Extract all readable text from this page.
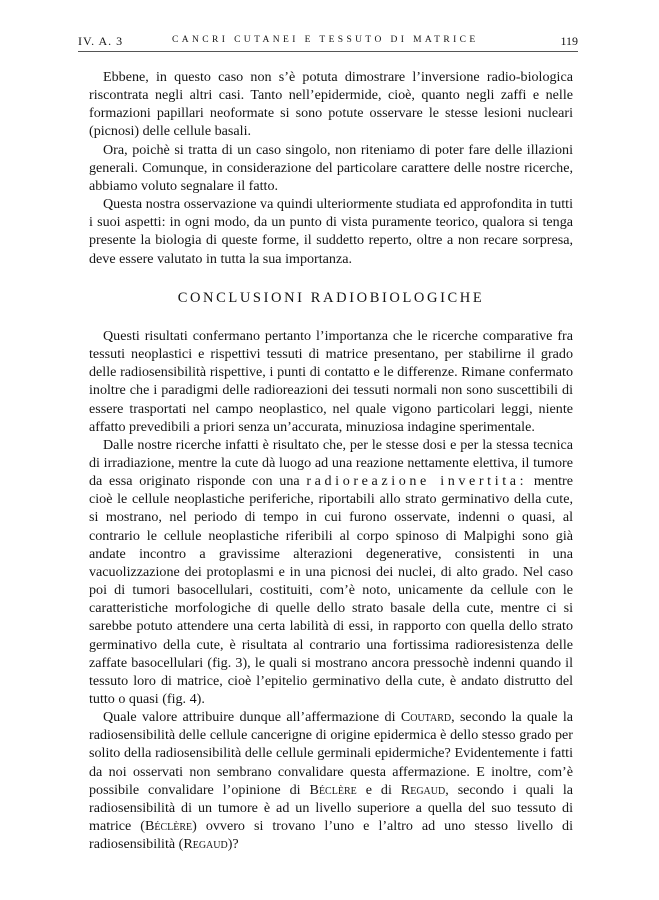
IV. A. 3	CANCRI CUTANEI E TESSUTO DI MATRICE	119

Ebbene, in questo caso non s’è potuta dimostrare l’inversione radio-biologica riscontrata negli altri casi. Tanto nell’epidermide, cioè, quanto negli zaffi e nelle formazioni papillari neoformate si sono potute osservare le stesse lesioni nucleari (picnosi) delle cellule basali.

Ora, poichè si tratta di un caso singolo, non riteniamo di poter fare delle illazioni generali. Comunque, in considerazione del particolare carattere delle nostre ricerche, abbiamo voluto segnalare il fatto.

Questa nostra osservazione va quindi ulteriormente studiata ed approfondita in tutti i suoi aspetti: in ogni modo, da un punto di vista puramente teorico, qualora si tenga presente la biologia di queste forme, il suddetto reperto, oltre a non recare sorpresa, deve essere valutato in tutta la sua importanza.

CONCLUSIONI RADIOBIOLOGICHE

Questi risultati confermano pertanto l’importanza che le ricerche comparative fra tessuti neoplastici e rispettivi tessuti di matrice presentano, per stabilirne il grado delle radiosensibilità rispettive, i punti di contatto e le differenze. Rimane confermato inoltre che i paradigmi delle radioreazioni dei tessuti normali non sono suscettibili di essere trasportati nel campo neoplastico, nel quale vigono particolari leggi, niente affatto prevedibili a priori senza un’accurata, minuziosa indagine sperimentale.

Dalle nostre ricerche infatti è risultato che, per le stesse dosi e per la stessa tecnica di irradiazione, mentre la cute dà luogo ad una reazione nettamente elettiva, il tumore da essa originato risponde con una radioreazione invertita: mentre cioè le cellule neoplastiche periferiche, riportabili allo strato germinativo della cute, si mostrano, nel periodo di tempo in cui furono osservate, indenni o quasi, al contrario le cellule neoplastiche riferibili al corpo spinoso di Malpighi sono già andate incontro a gravissime alterazioni degenerative, consistenti in una vacuolizzazione dei protoplasmi e in una picnosi dei nuclei, di alto grado. Nel caso poi di tumori basocellulari, costituiti, com’è noto, unicamente da cellule con le caratteristiche morfologiche di quelle dello strato basale della cute, mentre ci si sarebbe potuto attendere una certa labilità di essi, in rapporto con quella dello strato germinativo della cute, è risultata al contrario una fortissima radioresistenza delle zaffate basocellulari (fig. 3), le quali si mostrano ancora pressochè indenni quando il tessuto loro di matrice, cioè l’epitelio germinativo della cute, è andato distrutto del tutto o quasi (fig. 4).

Quale valore attribuire dunque all’affermazione di Coutard, secondo la quale la radiosensibilità delle cellule cancerigne di origine epidermica è dello stesso grado per solito della radiosensibilità delle cellule germinali epidermiche? Evidentemente i fatti da noi osservati non sembrano convalidare questa affermazione. E inoltre, com’è possibile convalidare l’opinione di Béclère e di Regaud, secondo i quali la radiosensibilità di un tumore è ad un livello superiore a quella del suo tessuto di matrice (Béclère) ovvero si trovano l’uno e l’altro ad uno stesso livello di radiosensibilità (Regaud)?
